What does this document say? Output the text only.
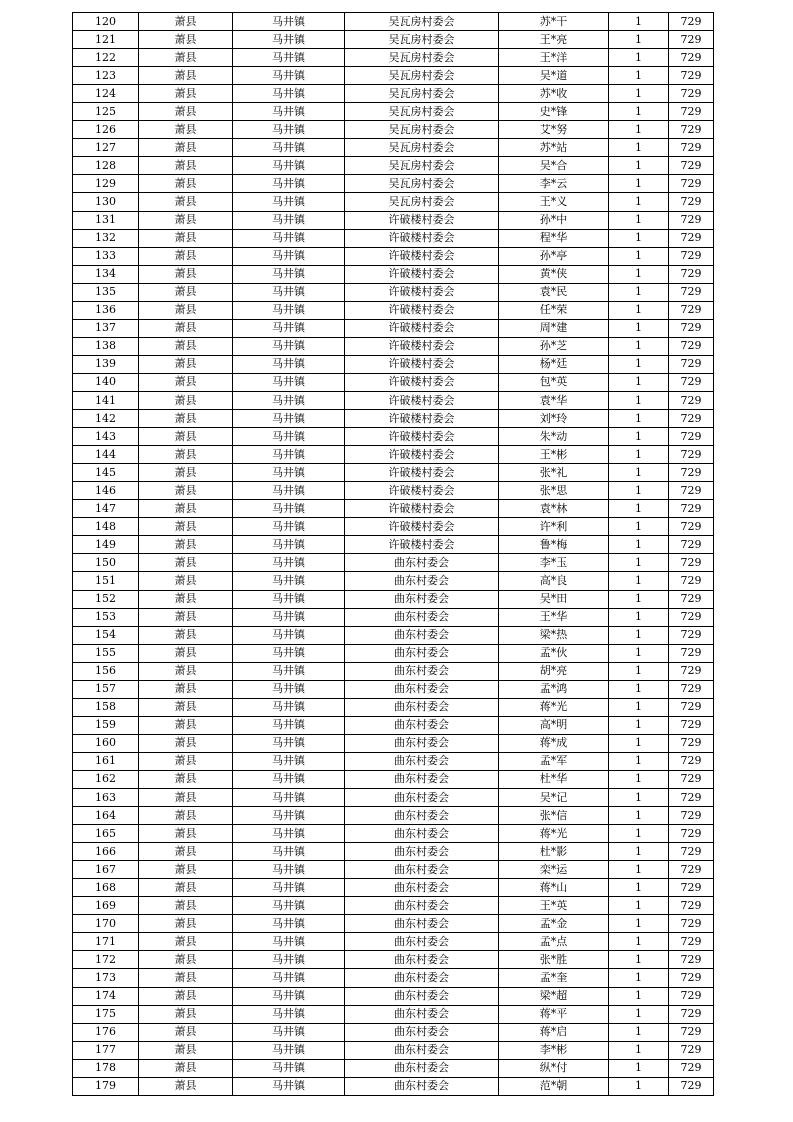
120	萧县	马井镇	吴瓦房村委会	苏*干	1	729
121	萧县	马井镇	吴瓦房村委会	王*亮	1	729
122	萧县	马井镇	吴瓦房村委会	王*洋	1	729
123	萧县	马井镇	吴瓦房村委会	吴*道	1	729
124	萧县	马井镇	吴瓦房村委会	苏*收	1	729
125	萧县	马井镇	吴瓦房村委会	史*锋	1	729
126	萧县	马井镇	吴瓦房村委会	艾*努	1	729
127	萧县	马井镇	吴瓦房村委会	苏*站	1	729
128	萧县	马井镇	吴瓦房村委会	吴*合	1	729
129	萧县	马井镇	吴瓦房村委会	李*云	1	729
130	萧县	马井镇	吴瓦房村委会	王*义	1	729
131	萧县	马井镇	许破楼村委会	孙*中	1	729
132	萧县	马井镇	许破楼村委会	程*华	1	729
133	萧县	马井镇	许破楼村委会	孙*亭	1	729
134	萧县	马井镇	许破楼村委会	黄*侠	1	729
135	萧县	马井镇	许破楼村委会	袁*民	1	729
136	萧县	马井镇	许破楼村委会	任*荣	1	729
137	萧县	马井镇	许破楼村委会	周*建	1	729
138	萧县	马井镇	许破楼村委会	孙*芝	1	729
139	萧县	马井镇	许破楼村委会	杨*廷	1	729
140	萧县	马井镇	许破楼村委会	包*英	1	729
141	萧县	马井镇	许破楼村委会	袁*华	1	729
142	萧县	马井镇	许破楼村委会	刘*玲	1	729
143	萧县	马井镇	许破楼村委会	朱*动	1	729
144	萧县	马井镇	许破楼村委会	王*彬	1	729
145	萧县	马井镇	许破楼村委会	张*礼	1	729
146	萧县	马井镇	许破楼村委会	张*思	1	729
147	萧县	马井镇	许破楼村委会	袁*林	1	729
148	萧县	马井镇	许破楼村委会	许*利	1	729
149	萧县	马井镇	许破楼村委会	鲁*梅	1	729
150	萧县	马井镇	曲东村委会	李*玉	1	729
151	萧县	马井镇	曲东村委会	高*良	1	729
152	萧县	马井镇	曲东村委会	吴*田	1	729
153	萧县	马井镇	曲东村委会	王*华	1	729
154	萧县	马井镇	曲东村委会	梁*热	1	729
155	萧县	马井镇	曲东村委会	孟*伙	1	729
156	萧县	马井镇	曲东村委会	胡*亮	1	729
157	萧县	马井镇	曲东村委会	孟*鸿	1	729
158	萧县	马井镇	曲东村委会	蒋*光	1	729
159	萧县	马井镇	曲东村委会	高*明	1	729
160	萧县	马井镇	曲东村委会	蒋*成	1	729
161	萧县	马井镇	曲东村委会	孟*军	1	729
162	萧县	马井镇	曲东村委会	杜*华	1	729
163	萧县	马井镇	曲东村委会	吴*记	1	729
164	萧县	马井镇	曲东村委会	张*信	1	729
165	萧县	马井镇	曲东村委会	蒋*光	1	729
166	萧县	马井镇	曲东村委会	杜*影	1	729
167	萧县	马井镇	曲东村委会	栾*运	1	729
168	萧县	马井镇	曲东村委会	蒋*山	1	729
169	萧县	马井镇	曲东村委会	王*英	1	729
170	萧县	马井镇	曲东村委会	孟*金	1	729
171	萧县	马井镇	曲东村委会	孟*点	1	729
172	萧县	马井镇	曲东村委会	张*胜	1	729
173	萧县	马井镇	曲东村委会	孟*奎	1	729
174	萧县	马井镇	曲东村委会	梁*超	1	729
175	萧县	马井镇	曲东村委会	蒋*平	1	729
176	萧县	马井镇	曲东村委会	蒋*启	1	729
177	萧县	马井镇	曲东村委会	李*彬	1	729
178	萧县	马井镇	曲东村委会	纵*付	1	729
179	萧县	马井镇	曲东村委会	范*朝	1	729
